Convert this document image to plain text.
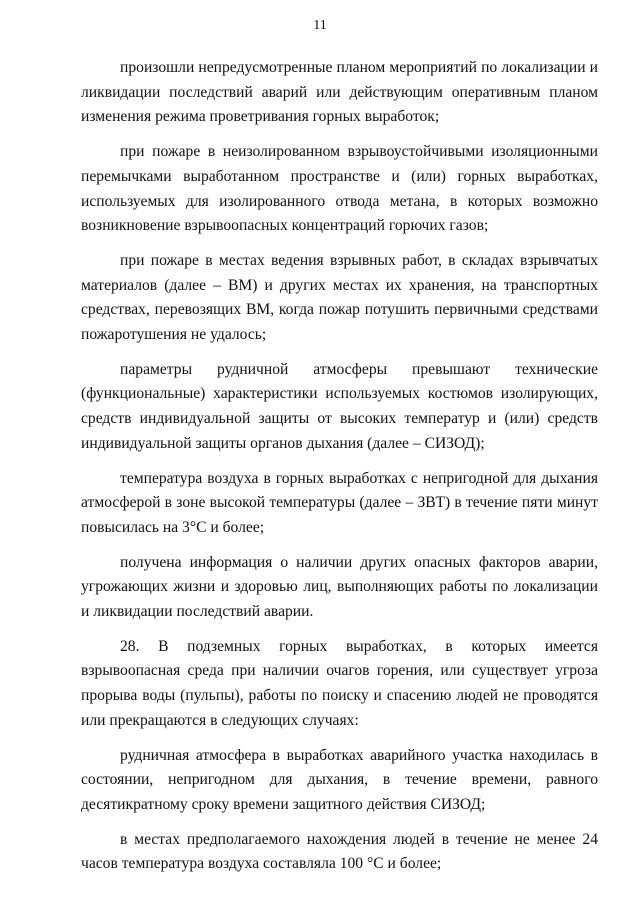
11

произошли непредусмотренные планом мероприятий по локализации и ликвидации последствий аварий или действующим оперативным планом изменения режима проветривания горных выработок;

при пожаре в неизолированном взрывоустойчивыми изоляционными перемычками выработанном пространстве и (или) горных выработках, используемых для изолированного отвода метана, в которых возможно возникновение взрывоопасных концентраций горючих газов;

при пожаре в местах ведения взрывных работ, в складах взрывчатых материалов (далее – ВМ) и других местах их хранения, на транспортных средствах, перевозящих ВМ, когда пожар потушить первичными средствами пожаротушения не удалось;

параметры рудничной атмосферы превышают технические (функциональные) характеристики используемых костюмов изолирующих, средств индивидуальной защиты от высоких температур и (или) средств индивидуальной защиты органов дыхания (далее – СИЗОД);

температура воздуха в горных выработках с непригодной для дыхания атмосферой в зоне высокой температуры (далее – ЗВТ) в течение пяти минут повысилась на 3°С и более;

получена информация о наличии других опасных факторов аварии, угрожающих жизни и здоровью лиц, выполняющих работы по локализации и ликвидации последствий аварии.

28. В подземных горных выработках, в которых имеется взрывоопасная среда при наличии очагов горения, или существует угроза прорыва воды (пульпы), работы по поиску и спасению людей не проводятся или прекращаются в следующих случаях:

рудничная атмосфера в выработках аварийного участка находилась в состоянии, непригодном для дыхания, в течение времени, равного десятикратному сроку времени защитного действия СИЗОД;

в местах предполагаемого нахождения людей в течение не менее 24 часов температура воздуха составляла 100 °С и более;
